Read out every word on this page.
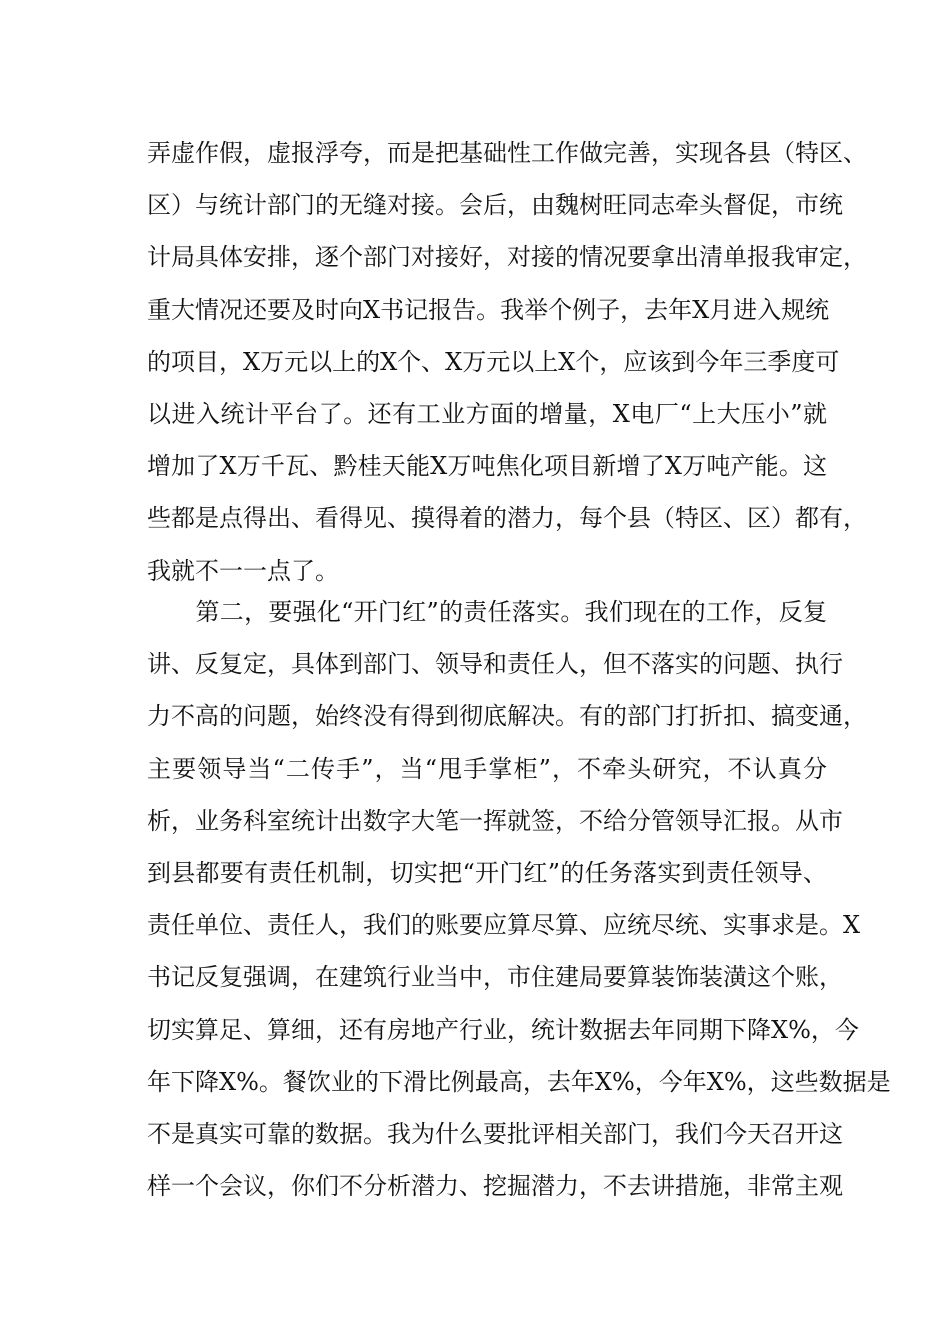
弄虚作假，虚报浮夸，而是把基础性工作做完善，实现各县（特区、
区）与统计部门的无缝对接。会后，由魏树旺同志牵头督促，市统
计局具体安排，逐个部门对接好，对接的情况要拿出清单报我审定，
重大情况还要及时向X书记报告。我举个例子，去年X月进入规统
的项目，X万元以上的X个、X万元以上X个，应该到今年三季度可
以进入统计平台了。还有工业方面的增量，X电厂“上大压小”就
增加了X万千瓦、黔桂天能X万吨焦化项目新增了X万吨产能。这
些都是点得出、看得见、摸得着的潜力，每个县（特区、区）都有，
我就不一一点了。
　　第二，要强化“开门红”的责任落实。我们现在的工作，反复
讲、反复定，具体到部门、领导和责任人，但不落实的问题、执行
力不高的问题，始终没有得到彻底解决。有的部门打折扣、搞变通，
主要领导当“二传手”，当“甩手掌柜”，不牵头研究，不认真分
析，业务科室统计出数字大笔一挥就签，不给分管领导汇报。从市
到县都要有责任机制，切实把“开门红”的任务落实到责任领导、
责任单位、责任人，我们的账要应算尽算、应统尽统、实事求是。X
书记反复强调，在建筑行业当中，市住建局要算装饰装潢这个账，
切实算足、算细，还有房地产行业，统计数据去年同期下降X%，今
年下降X%。餐饮业的下滑比例最高，去年X%，今年X%，这些数据是
不是真实可靠的数据。我为什么要批评相关部门，我们今天召开这
样一个会议，你们不分析潜力、挖掘潜力，不去讲措施，非常主观
